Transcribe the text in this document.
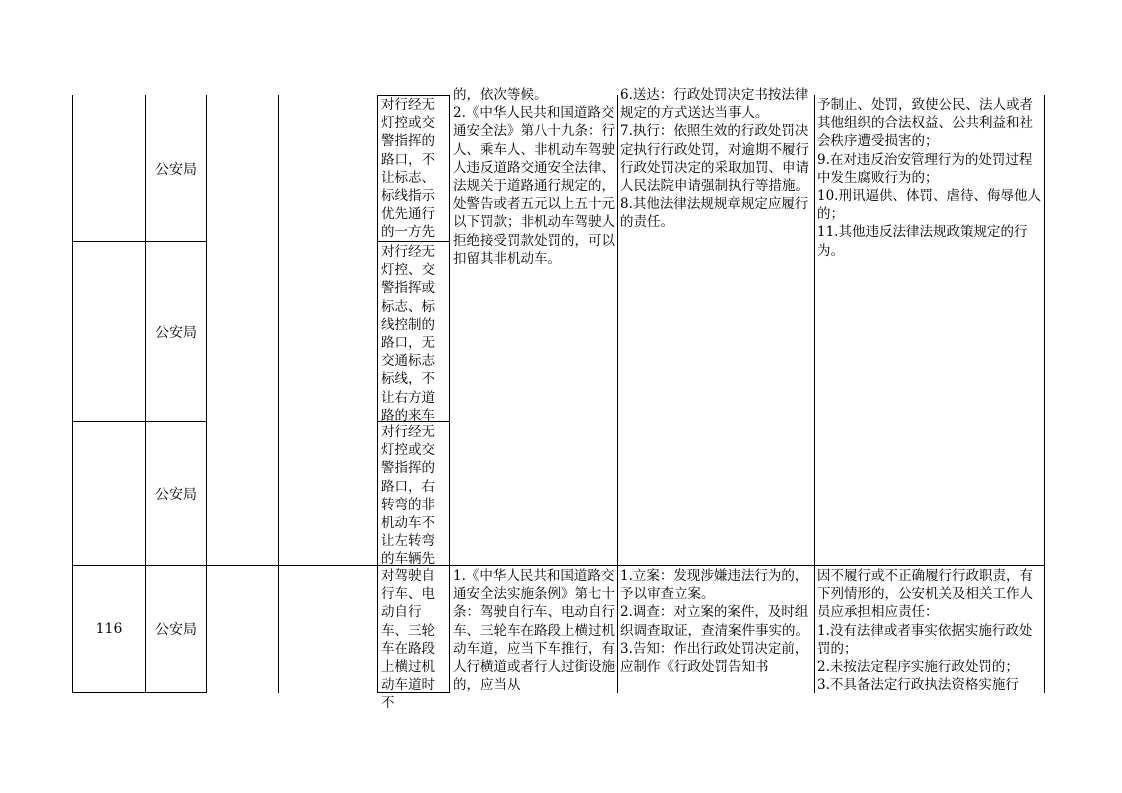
公安局
对行经无灯控或交警指挥的路口，不让标志、标线指示优先通行的一方先
公安局
对行经无灯控、交警指挥或标志、标线控制的路口，无交通标志标线，不让右方道路的来车
公安局
对行经无灯控或交警指挥的路口，右转弯的非机动车不让左转弯的车辆先
的，依次等候。
2.《中华人民共和国道路交通安全法》第八十九条：行人、乘车人、非机动车驾驶人违反道路交通安全法律、法规关于道路通行规定的，处警告或者五元以上五十元以下罚款；非机动车驾驶人拒绝接受罚款处罚的，可以扣留其非机动车。
6.送达：行政处罚决定书按法律规定的方式送达当事人。
7.执行：依照生效的行政处罚决定执行行政处罚，对逾期不履行行政处罚决定的采取加罚、申请人民法院申请强制执行等措施。
8.其他法律法规规章规定应履行的责任。
予制止、处罚，致使公民、法人或者其他组织的合法权益、公共利益和社会秩序遭受损害的；
9.在对违反治安管理行为的处罚过程中发生腐败行为的；
10.刑讯逼供、体罚、虐待、侮辱他人的；
11.其他违反法律法规政策规定的行为。
116	公安局
对驾驶自行车、电动自行车、三轮车在路段上横过机动车道时不
1.《中华人民共和国道路交通安全法实施条例》第七十条：驾驶自行车、电动自行车、三轮车在路段上横过机动车道，应当下车推行，有人行横道或者行人过街设施的，应当从
1.立案：发现涉嫌违法行为的，予以审查立案。
2.调查：对立案的案件，及时组织调查取证，查清案件事实的。
3.告知：作出行政处罚决定前，应制作《行政处罚告知书
因不履行或不正确履行行政职责，有下列情形的，公安机关及相关工作人员应承担相应责任：
1.没有法律或者事实依据实施行政处罚的；
2.未按法定程序实施行政处罚的；
3.不具备法定行政执法资格实施行
